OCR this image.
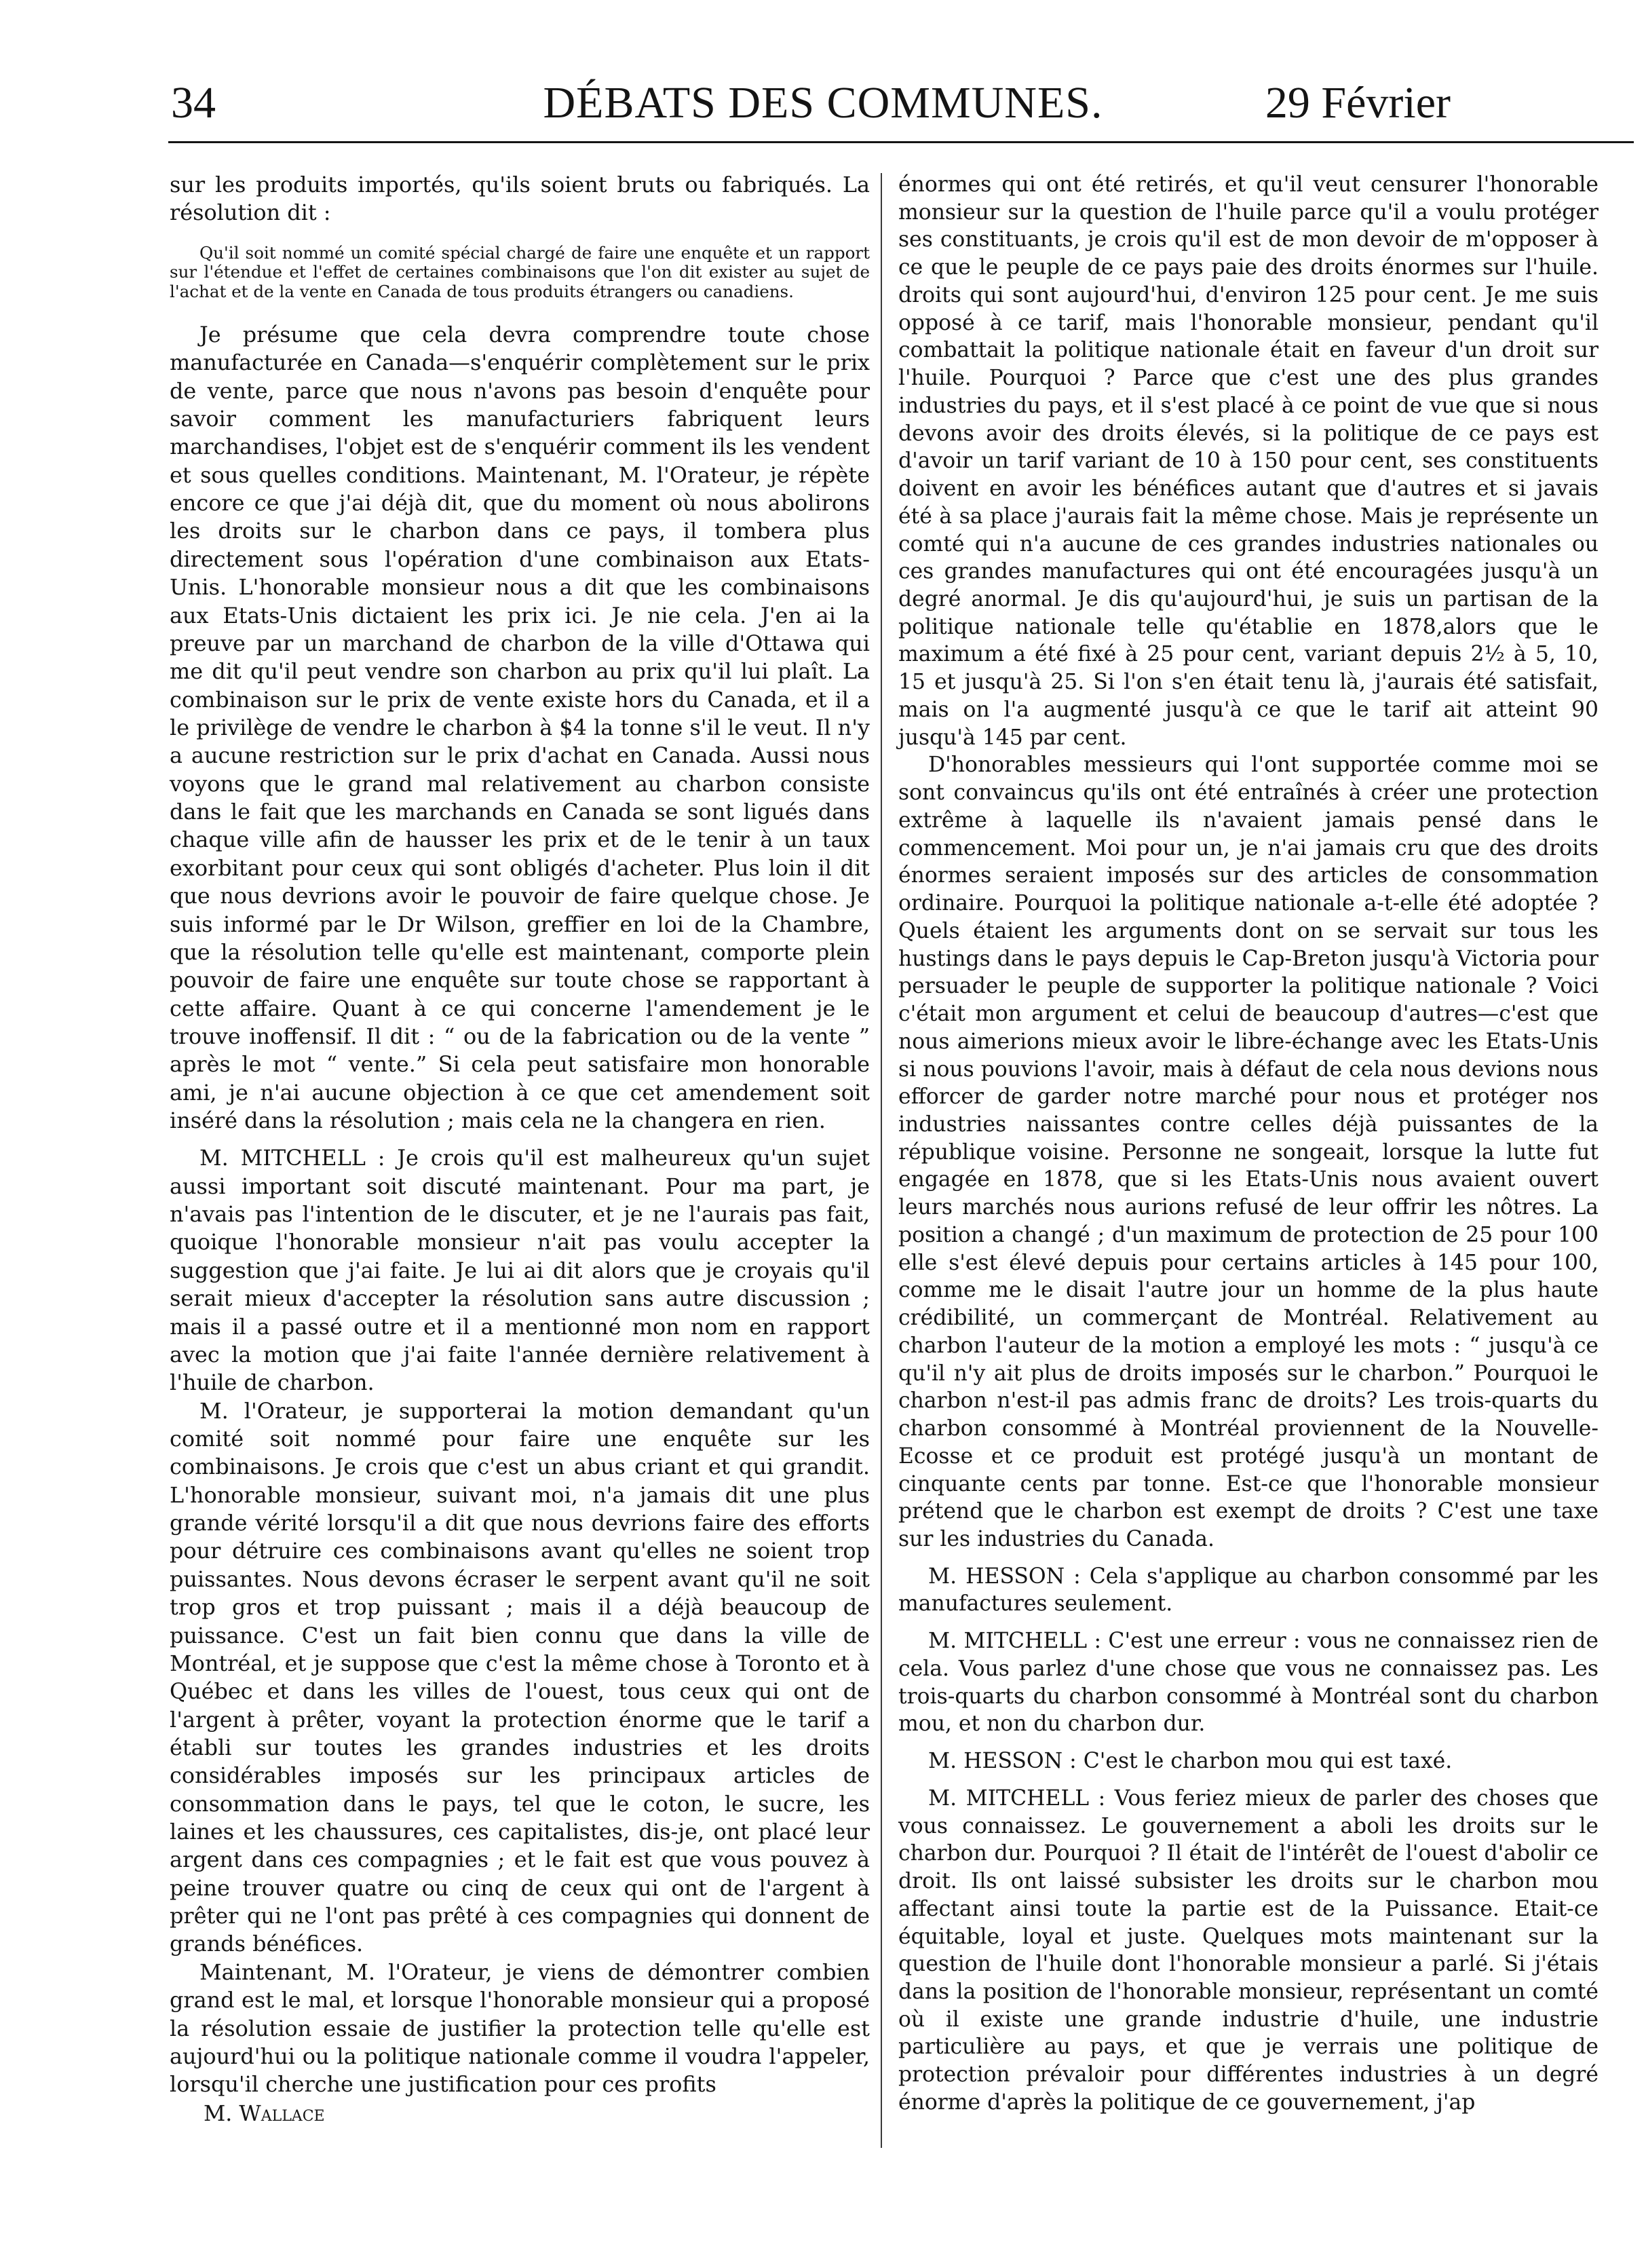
34	DÉBATS DES COMMUNES.	29 Février

sur les produits importés, qu'ils soient bruts ou fabriqués. La résolution dit :

Qu'il soit nommé un comité spécial chargé de faire une enquête et un rapport sur l'étendue et l'effet de certaines combinaisons que l'on dit exister au sujet de l'achat et de la vente en Canada de tous produits étrangers ou canadiens.

Je présume que cela devra comprendre toute chose manufacturée en Canada—s'enquérir complètement sur le prix de vente, parce que nous n'avons pas besoin d'enquête pour savoir comment les manufacturiers fabriquent leurs marchandises, l'objet est de s'enquérir comment ils les vendent et sous quelles conditions. Maintenant, M. l'Orateur, je répète encore ce que j'ai déjà dit, que du moment où nous abolirons les droits sur le charbon dans ce pays, il tombera plus directement sous l'opération d'une combinaison aux Etats-Unis. L'honorable monsieur nous a dit que les combinaisons aux Etats-Unis dictaient les prix ici. Je nie cela. J'en ai la preuve par un marchand de charbon de la ville d'Ottawa qui me dit qu'il peut vendre son charbon au prix qu'il lui plaît. La combinaison sur le prix de vente existe hors du Canada, et il a le privilège de vendre le charbon à $4 la tonne s'il le veut. Il n'y a aucune restriction sur le prix d'achat en Canada. Aussi nous voyons que le grand mal relativement au charbon consiste dans le fait que les marchands en Canada se sont ligués dans chaque ville afin de hausser les prix et de le tenir à un taux exorbitant pour ceux qui sont obligés d'acheter. Plus loin il dit que nous devrions avoir le pouvoir de faire quelque chose. Je suis informé par le Dr Wilson, greffier en loi de la Chambre, que la résolution telle qu'elle est maintenant, comporte plein pouvoir de faire une enquête sur toute chose se rapportant à cette affaire. Quant à ce qui concerne l'amendement je le trouve inoffensif. Il dit : “ ou de la fabrication ou de la vente ” après le mot “ vente.” Si cela peut satisfaire mon honorable ami, je n'ai aucune objection à ce que cet amendement soit inséré dans la résolution ; mais cela ne la changera en rien.

M. MITCHELL : Je crois qu'il est malheureux qu'un sujet aussi important soit discuté maintenant. Pour ma part, je n'avais pas l'intention de le discuter, et je ne l'aurais pas fait, quoique l'honorable monsieur n'ait pas voulu accepter la suggestion que j'ai faite. Je lui ai dit alors que je croyais qu'il serait mieux d'accepter la résolution sans autre discussion ; mais il a passé outre et il a mentionné mon nom en rapport avec la motion que j'ai faite l'année dernière relativement à l'huile de charbon.

M. l'Orateur, je supporterai la motion demandant qu'un comité soit nommé pour faire une enquête sur les combinaisons. Je crois que c'est un abus criant et qui grandit. L'honorable monsieur, suivant moi, n'a jamais dit une plus grande vérité lorsqu'il a dit que nous devrions faire des efforts pour détruire ces combinaisons avant qu'elles ne soient trop puissantes. Nous devons écraser le serpent avant qu'il ne soit trop gros et trop puissant ; mais il a déjà beaucoup de puissance. C'est un fait bien connu que dans la ville de Montréal, et je suppose que c'est la même chose à Toronto et à Québec et dans les villes de l'ouest, tous ceux qui ont de l'argent à prêter, voyant la protection énorme que le tarif a établi sur toutes les grandes industries et les droits considérables imposés sur les principaux articles de consommation dans le pays, tel que le coton, le sucre, les laines et les chaussures, ces capitalistes, dis-je, ont placé leur argent dans ces compagnies ; et le fait est que vous pouvez à peine trouver quatre ou cinq de ceux qui ont de l'argent à prêter qui ne l'ont pas prêté à ces compagnies qui donnent de grands bénéfices.

Maintenant, M. l'Orateur, je viens de démontrer combien grand est le mal, et lorsque l'honorable monsieur qui a proposé la résolution essaie de justifier la protection telle qu'elle est aujourd'hui ou la politique nationale comme il voudra l'appeler, lorsqu'il cherche une justification pour ces profits

M. Wallace

énormes qui ont été retirés, et qu'il veut censurer l'honorable monsieur sur la question de l'huile parce qu'il a voulu protéger ses constituants, je crois qu'il est de mon devoir de m'opposer à ce que le peuple de ce pays paie des droits énormes sur l'huile. droits qui sont aujourd'hui, d'environ 125 pour cent. Je me suis opposé à ce tarif, mais l'honorable monsieur, pendant qu'il combattait la politique nationale était en faveur d'un droit sur l'huile. Pourquoi ? Parce que c'est une des plus grandes industries du pays, et il s'est placé à ce point de vue que si nous devons avoir des droits élevés, si la politique de ce pays est d'avoir un tarif variant de 10 à 150 pour cent, ses constituents doivent en avoir les bénéfices autant que d'autres et si javais été à sa place j'aurais fait la même chose. Mais je représente un comté qui n'a aucune de ces grandes industries nationales ou ces grandes manufactures qui ont été encouragées jusqu'à un degré anormal. Je dis qu'aujourd'hui, je suis un partisan de la politique nationale telle qu'établie en 1878,alors que le maximum a été fixé à 25 pour cent, variant depuis 2½ à 5, 10, 15 et jusqu'à 25. Si l'on s'en était tenu là, j'aurais été satisfait, mais on l'a augmenté jusqu'à ce que le tarif ait atteint 90 jusqu'à 145 par cent.

D'honorables messieurs qui l'ont supportée comme moi se sont convaincus qu'ils ont été entraînés à créer une protection extrême à laquelle ils n'avaient jamais pensé dans le commencement. Moi pour un, je n'ai jamais cru que des droits énormes seraient imposés sur des articles de consommation ordinaire. Pourquoi la politique nationale a-t-elle été adoptée ? Quels étaient les arguments dont on se servait sur tous les hustings dans le pays depuis le Cap-Breton jusqu'à Victoria pour persuader le peuple de supporter la politique nationale ? Voici c'était mon argument et celui de beaucoup d'autres—c'est que nous aimerions mieux avoir le libre-échange avec les Etats-Unis si nous pouvions l'avoir, mais à défaut de cela nous devions nous efforcer de garder notre marché pour nous et protéger nos industries naissantes contre celles déjà puissantes de la république voisine. Personne ne songeait, lorsque la lutte fut engagée en 1878, que si les Etats-Unis nous avaient ouvert leurs marchés nous aurions refusé de leur offrir les nôtres. La position a changé ; d'un maximum de protection de 25 pour 100 elle s'est élevé depuis pour certains articles à 145 pour 100, comme me le disait l'autre jour un homme de la plus haute crédibilité, un commerçant de Montréal. Relativement au charbon l'auteur de la motion a employé les mots : “ jusqu'à ce qu'il n'y ait plus de droits imposés sur le charbon.” Pourquoi le charbon n'est-il pas admis franc de droits? Les trois-quarts du charbon consommé à Montréal proviennent de la Nouvelle-Ecosse et ce produit est protégé jusqu'à un montant de cinquante cents par tonne. Est-ce que l'honorable monsieur prétend que le charbon est exempt de droits ? C'est une taxe sur les industries du Canada.

M. HESSON : Cela s'applique au charbon consommé par les manufactures seulement.

M. MITCHELL : C'est une erreur : vous ne connaissez rien de cela. Vous parlez d'une chose que vous ne connaissez pas. Les trois-quarts du charbon consommé à Montréal sont du charbon mou, et non du charbon dur.

M. HESSON : C'est le charbon mou qui est taxé.

M. MITCHELL : Vous feriez mieux de parler des choses que vous connaissez. Le gouvernement a aboli les droits sur le charbon dur. Pourquoi ? Il était de l'intérêt de l'ouest d'abolir ce droit. Ils ont laissé subsister les droits sur le charbon mou affectant ainsi toute la partie est de la Puissance. Etait-ce équitable, loyal et juste. Quelques mots maintenant sur la question de l'huile dont l'honorable monsieur a parlé. Si j'étais dans la position de l'honorable monsieur, représentant un comté où il existe une grande industrie d'huile, une industrie particulière au pays, et que je verrais une politique de protection prévaloir pour différentes industries à un degré énorme d'après la politique de ce gouvernement, j'ap
